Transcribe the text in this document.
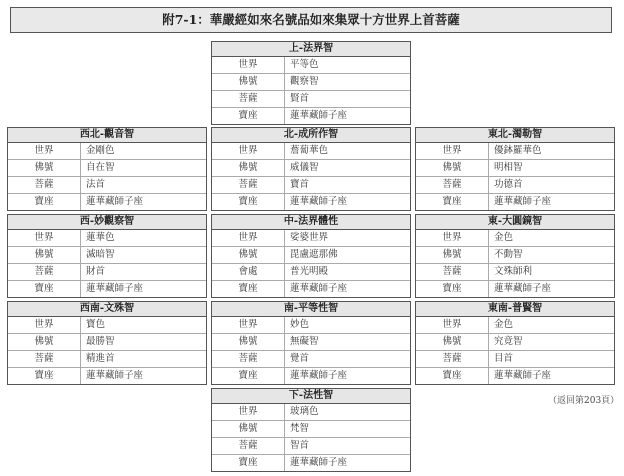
附7-1：華嚴經如來名號品如來集眾十方世界上首菩薩
上-法界智
世界	平等色
佛號	觀察智
菩薩	賢首
寶座	蓮華藏師子座
西北-觀音智
世界	金剛色
佛號	自在智
菩薩	法首
寶座	蓮華藏師子座
北-成所作智
世界	薝蔔華色
佛號	威儀智
菩薩	寶首
寶座	蓮華藏師子座
東北-濁勒智
世界	優鉢羅華色
佛號	明相智
菩薩	功德首
寶座	蓮華藏師子座
西-妙觀察智
世界	蓮華色
佛號	滅暗智
菩薩	財首
寶座	蓮華藏師子座
中-法界體性
世界	娑婆世界
佛號	毘盧遮那佛
會處	普光明殿
寶座	蓮華藏師子座
東-大圓鏡智
世界	金色
佛號	不動智
菩薩	文殊師利
寶座	蓮華藏師子座
西南-文殊智
世界	寶色
佛號	最勝智
菩薩	精進首
寶座	蓮華藏師子座
南-平等性智
世界	妙色
佛號	無礙智
菩薩	覺首
寶座	蓮華藏師子座
東南-普賢智
世界	金色
佛號	究竟智
菩薩	目首
寶座	蓮華藏師子座
下-法性智
世界	玻璃色
佛號	梵智
菩薩	智首
寶座	蓮華藏師子座
（返回第203頁）
